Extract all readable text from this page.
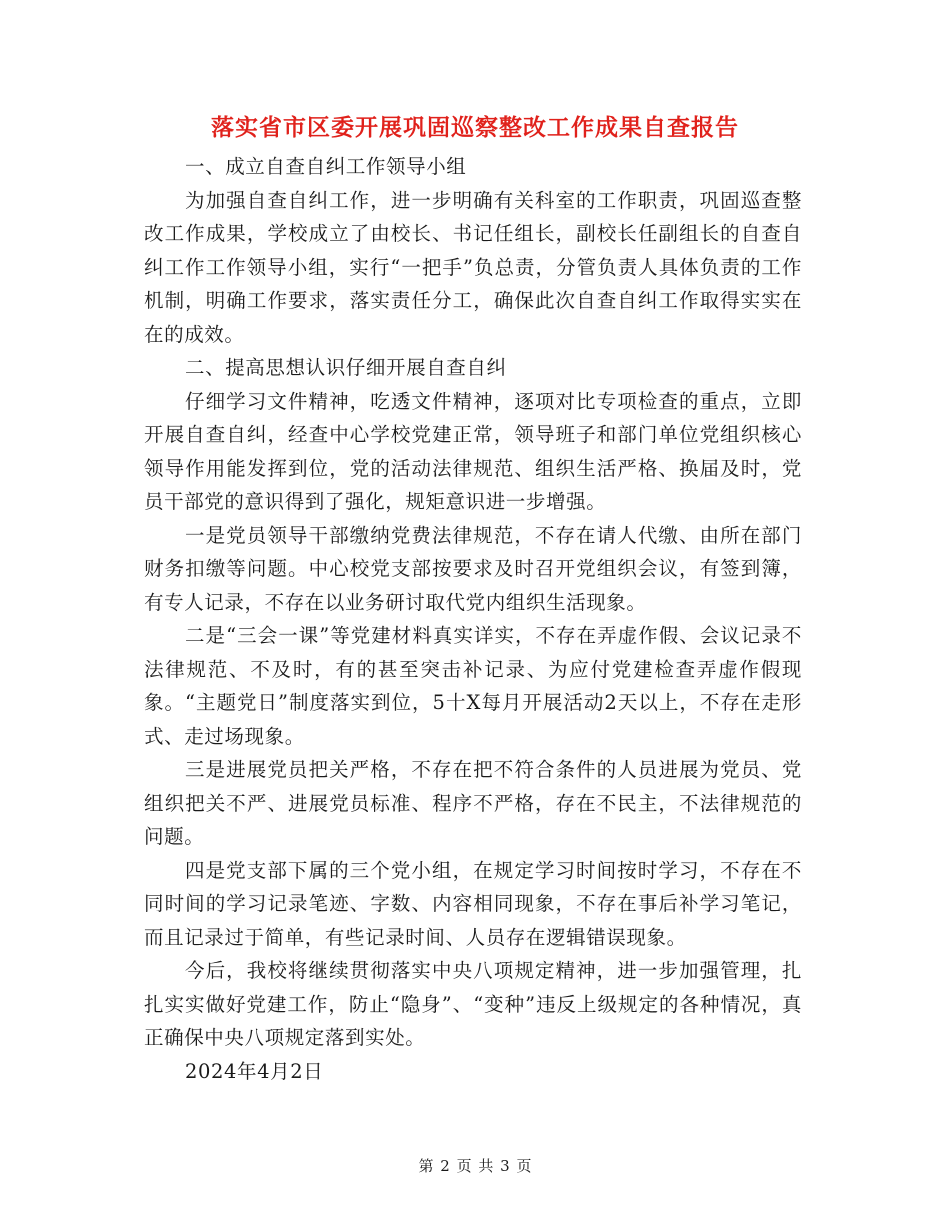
落实省市区委开展巩固巡察整改工作成果自查报告

一、成立自查自纠工作领导小组

为加强自查自纠工作，进一步明确有关科室的工作职责，巩固巡查整改工作成果，学校成立了由校长、书记任组长，副校长任副组长的自查自纠工作工作领导小组，实行“一把手”负总责，分管负责人具体负责的工作机制，明确工作要求，落实责任分工，确保此次自查自纠工作取得实实在在的成效。

二、提高思想认识仔细开展自查自纠

仔细学习文件精神，吃透文件精神，逐项对比专项检查的重点，立即开展自查自纠，经查中心学校党建正常，领导班子和部门单位党组织核心领导作用能发挥到位，党的活动法律规范、组织生活严格、换届及时，党员干部党的意识得到了强化，规矩意识进一步增强。

一是党员领导干部缴纳党费法律规范，不存在请人代缴、由所在部门财务扣缴等问题。中心校党支部按要求及时召开党组织会议，有签到簿，有专人记录，不存在以业务研讨取代党内组织生活现象。

二是“三会一课”等党建材料真实详实，不存在弄虚作假、会议记录不法律规范、不及时，有的甚至突击补记录、为应付党建检查弄虚作假现象。“主题党日”制度落实到位，5十X每月开展活动2天以上，不存在走形式、走过场现象。

三是进展党员把关严格，不存在把不符合条件的人员进展为党员、党组织把关不严、进展党员标准、程序不严格，存在不民主，不法律规范的问题。

四是党支部下属的三个党小组，在规定学习时间按时学习，不存在不同时间的学习记录笔迹、字数、内容相同现象，不存在事后补学习笔记，而且记录过于简单，有些记录时间、人员存在逻辑错误现象。

今后，我校将继续贯彻落实中央八项规定精神，进一步加强管理，扎扎实实做好党建工作，防止“隐身”、“变种”违反上级规定的各种情况，真正确保中央八项规定落到实处。

2024年4月2日

第 2 页 共 3 页
